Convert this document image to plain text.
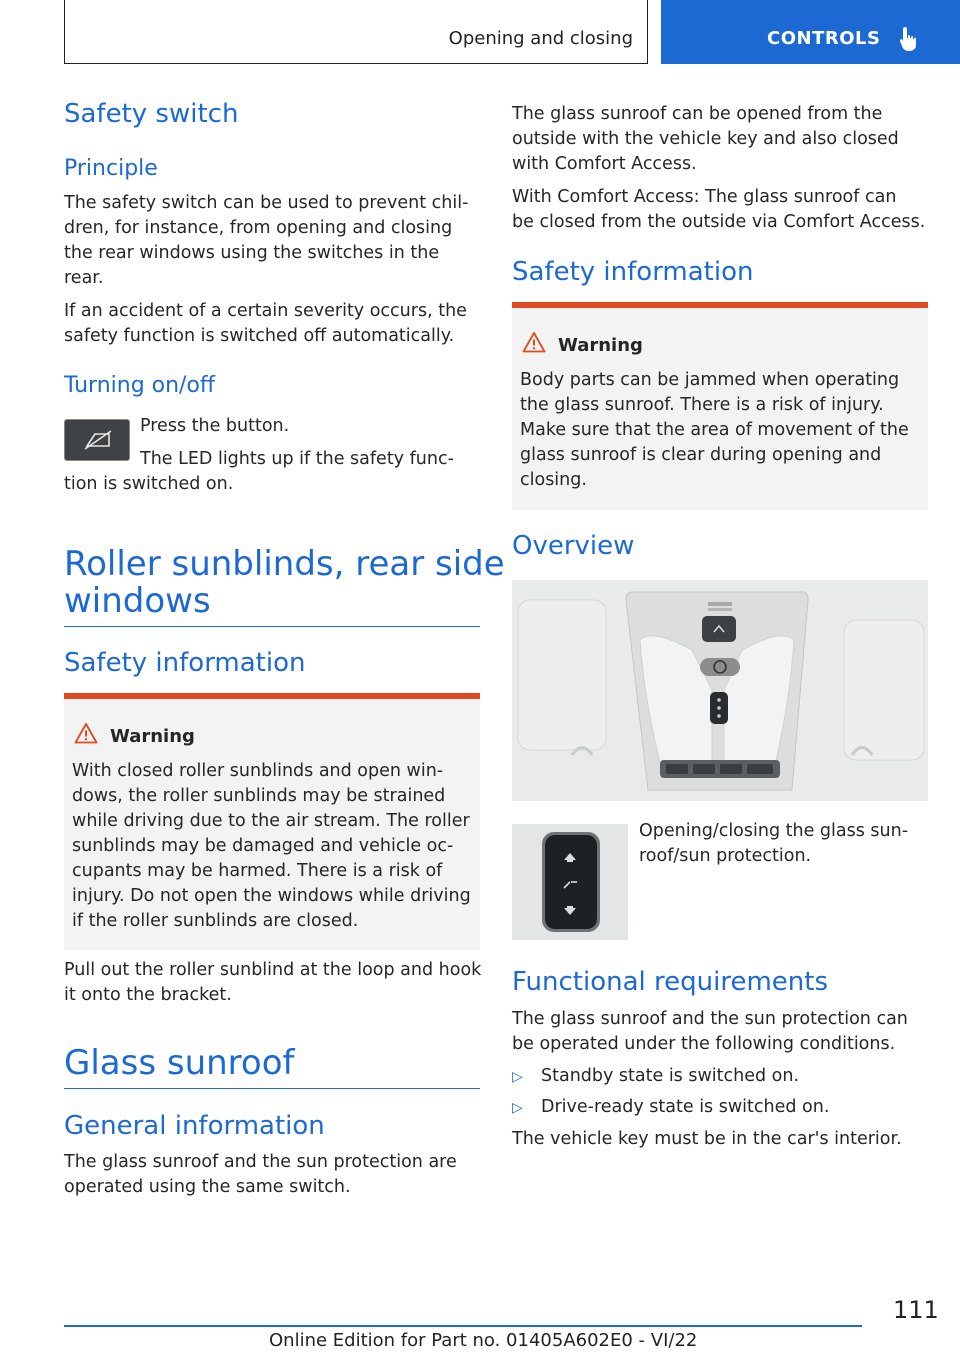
Opening and closing	CONTROLS
Safety switch
Principle
The safety switch can be used to prevent chil-
dren, for instance, from opening and closing
the rear windows using the switches in the
rear.
If an accident of a certain severity occurs, the
safety function is switched off automatically.
Turning on/off
Press the button.
The LED lights up if the safety func-
tion is switched on.
Roller sunblinds, rear side
windows
Safety information
Warning
With closed roller sunblinds and open win-
dows, the roller sunblinds may be strained
while driving due to the air stream. The roller
sunblinds may be damaged and vehicle oc-
cupants may be harmed. There is a risk of
injury. Do not open the windows while driving
if the roller sunblinds are closed.
Pull out the roller sunblind at the loop and hook
it onto the bracket.
Glass sunroof
General information
The glass sunroof and the sun protection are
operated using the same switch.
The glass sunroof can be opened from the
outside with the vehicle key and also closed
with Comfort Access.
With Comfort Access: The glass sunroof can
be closed from the outside via Comfort Access.
Safety information
Warning
Body parts can be jammed when operating
the glass sunroof. There is a risk of injury.
Make sure that the area of movement of the
glass sunroof is clear during opening and
closing.
Overview
Opening/closing the glass sun-
roof/sun protection.
Functional requirements
The glass sunroof and the sun protection can
be operated under the following conditions.
▷ Standby state is switched on.
▷ Drive-ready state is switched on.
The vehicle key must be in the car's interior.
111
Online Edition for Part no. 01405A602E0 - VI/22
